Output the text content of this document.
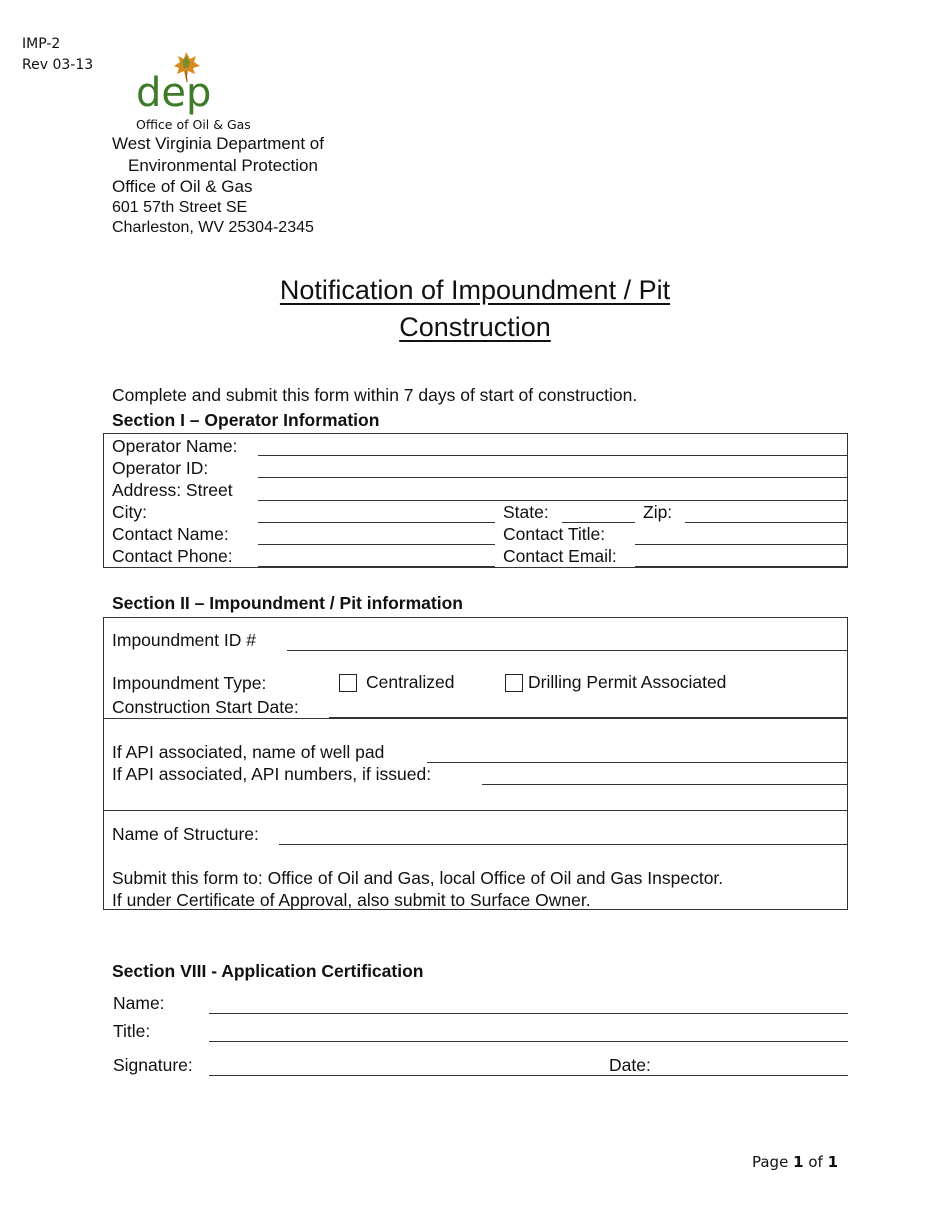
IMP-2
Rev 03-13
dep
Office of Oil & Gas
West Virginia Department of
Environmental Protection
Office of Oil & Gas
601 57th Street SE
Charleston, WV 25304-2345
Notification of Impoundment / Pit
Construction
Complete and submit this form within 7 days of start of construction.
Section I – Operator Information
Operator Name:
Operator ID:
Address: Street
City:	State:	Zip:
Contact Name:	Contact Title:
Contact Phone:	Contact Email:
Section II – Impoundment / Pit information
Impoundment ID #
Impoundment Type:	Centralized	Drilling Permit Associated
Construction Start Date:
If API associated, name of well pad
If API associated, API numbers, if issued:
Name of Structure:
Submit this form to: Office of Oil and Gas, local Office of Oil and Gas Inspector.
If under Certificate of Approval, also submit to Surface Owner.
Section VIII - Application Certification
Name:
Title:
Signature:	Date:
Page 1 of 1
